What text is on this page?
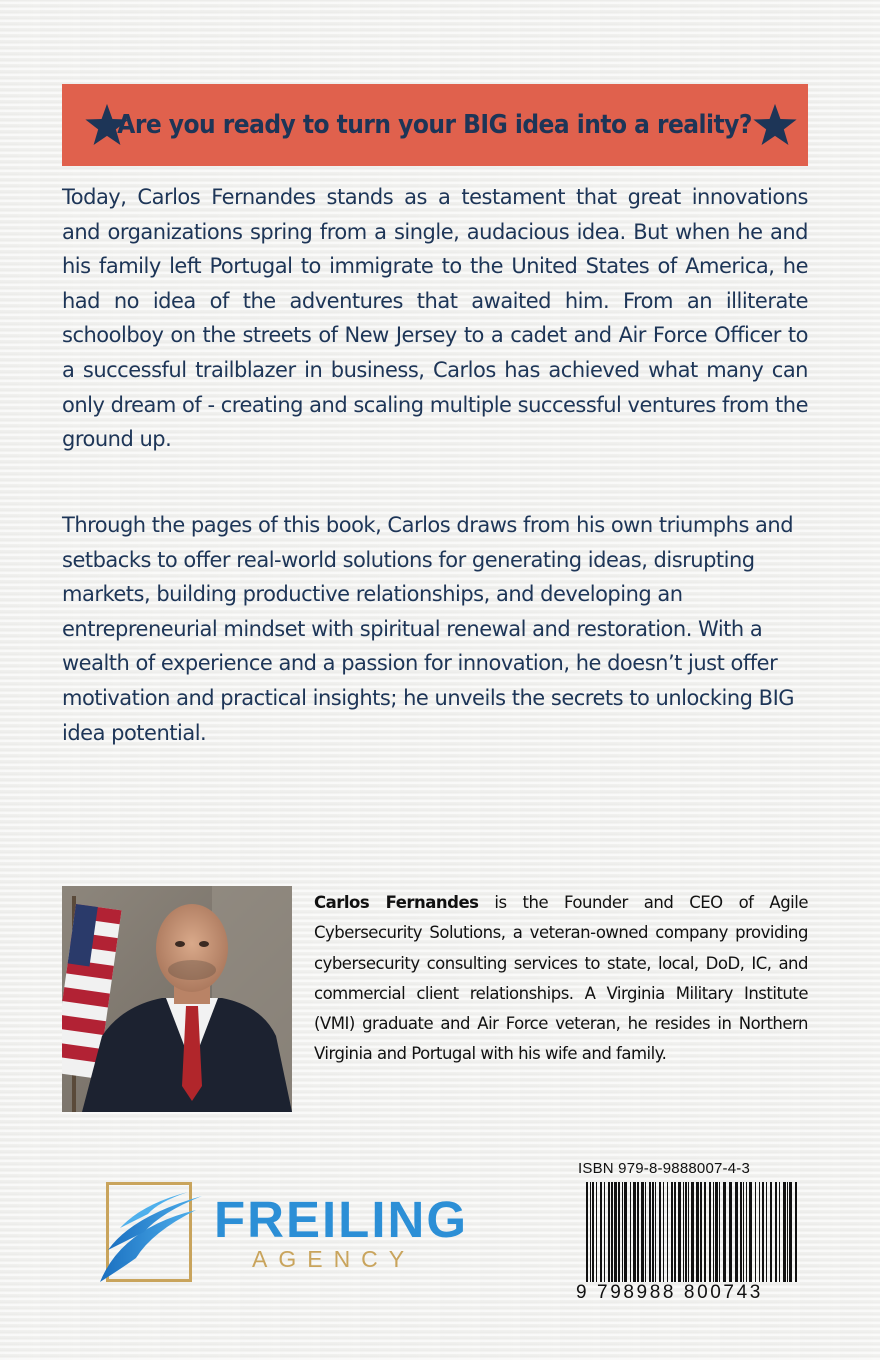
Are you ready to turn your BIG idea into a reality?

Today, Carlos Fernandes stands as a testament that great innovations and organizations spring from a single, audacious idea. But when he and his family left Portugal to immigrate to the United States of America, he had no idea of the adventures that awaited him. From an illiterate schoolboy on the streets of New Jersey to a cadet and Air Force Officer to a successful trailblazer in business, Carlos has achieved what many can only dream of - creating and scaling multiple successful ventures from the ground up.

Through the pages of this book, Carlos draws from his own triumphs and setbacks to offer real-world solutions for generating ideas, disrupting markets, building productive relationships, and developing an entrepreneurial mindset with spiritual renewal and restoration. With a wealth of experience and a passion for innovation, he doesn’t just offer motivation and practical insights; he unveils the secrets to unlocking BIG idea potential.

Carlos Fernandes is the Founder and CEO of Agile Cybersecurity Solutions, a veteran-owned company providing cybersecurity consulting services to state, local, DoD, IC, and commercial client relationships. A Virginia Military Institute (VMI) graduate and Air Force veteran, he resides in Northern Virginia and Portugal with his wife and family.

FREILING
AGENCY
ISBN 979-8-9888007-4-3
9 798988 800743
